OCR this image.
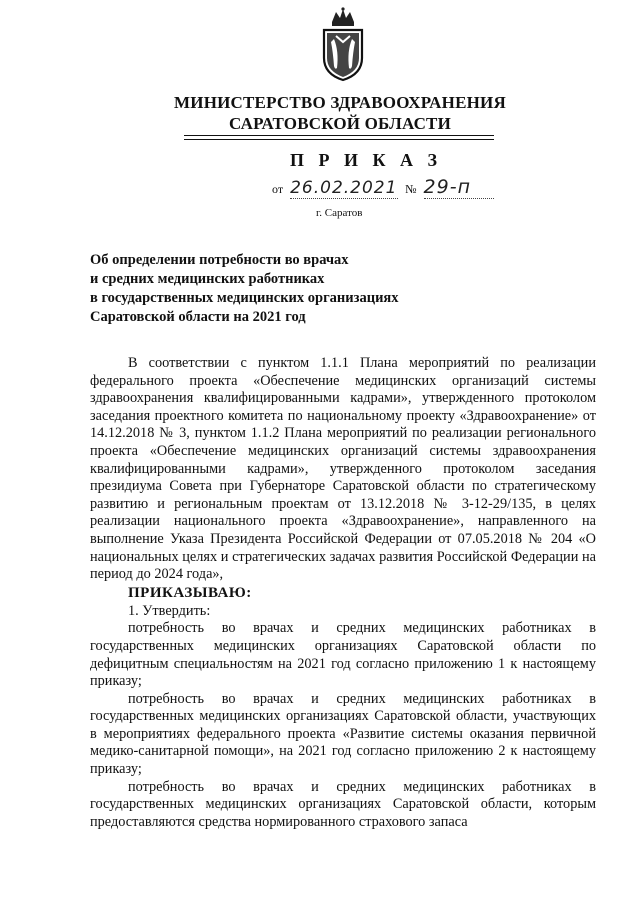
МИНИСТЕРСТВО ЗДРАВООХРАНЕНИЯ
САРАТОВСКОЙ ОБЛАСТИ
П Р И К А З
от 26.02.2021 № 29-п
г. Саратов
Об определении потребности во врачах
и средних медицинских работниках
в государственных медицинских организациях
Саратовской области на 2021 год

В соответствии с пунктом 1.1.1 Плана мероприятий по реализации федерального проекта «Обеспечение медицинских организаций системы здравоохранения квалифицированными кадрами», утвержденного протоколом заседания проектного комитета по национальному проекту «Здравоохранение» от 14.12.2018 № 3, пунктом 1.1.2 Плана мероприятий по реализации регионального проекта «Обеспечение медицинских организаций системы здравоохранения квалифицированными кадрами», утвержденного протоколом заседания президиума Совета при Губернаторе Саратовской области по стратегическому развитию и региональным проектам от 13.12.2018 № 3-12-29/135, в целях реализации национального проекта «Здравоохранение», направленного на выполнение Указа Президента Российской Федерации от 07.05.2018 № 204 «О национальных целях и стратегических задачах развития Российской Федерации на период до 2024 года»,

ПРИКАЗЫВАЮ:

1. Утвердить:

потребность во врачах и средних медицинских работниках в государственных медицинских организациях Саратовской области по дефицитным специальностям на 2021 год согласно приложению 1 к настоящему приказу;

потребность во врачах и средних медицинских работниках в государственных медицинских организациях Саратовской области, участвующих в мероприятиях федерального проекта «Развитие системы оказания первичной медико-санитарной помощи», на 2021 год согласно приложению 2 к настоящему приказу;

потребность во врачах и средних медицинских работниках в государственных медицинских организациях Саратовской области, которым предоставляются средства нормированного страхового запаса
